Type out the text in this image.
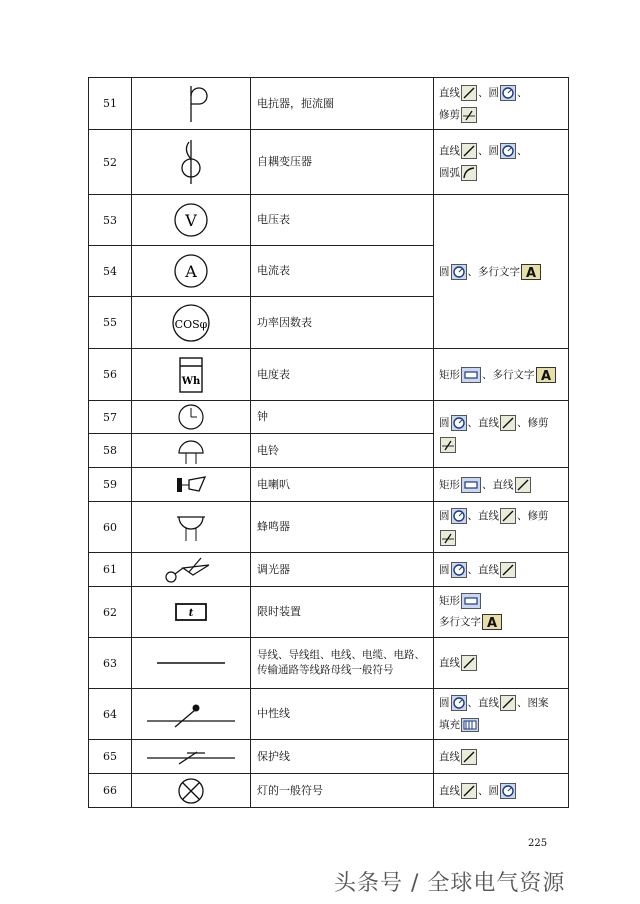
51		电抗器，扼流圈	直线 、圆 、
修剪
52		自耦变压器	直线 、圆 、
圆弧
53	V	电压表	圆 、多行文字
54	A	电流表	
55	COSφ	功率因数表	
56	Wh	电度表	矩形 、多行文字
57		钟	圆 、直线 、修剪

58		电铃	
59		电喇叭	矩形 、直线
60		蜂鸣器	圆 、直线 、修剪

61		调光器	圆 、直线
62	t	限时装置	矩形
多行文字
63		导线、导线组、电线、电缆、电路、传输通路等线路母线一般符号	直线
64		中性线	圆 、直线 、图案
填充
65		保护线	直线
66		灯的一般符号	直线 、圆
225
头条号 / 全球电气资源
